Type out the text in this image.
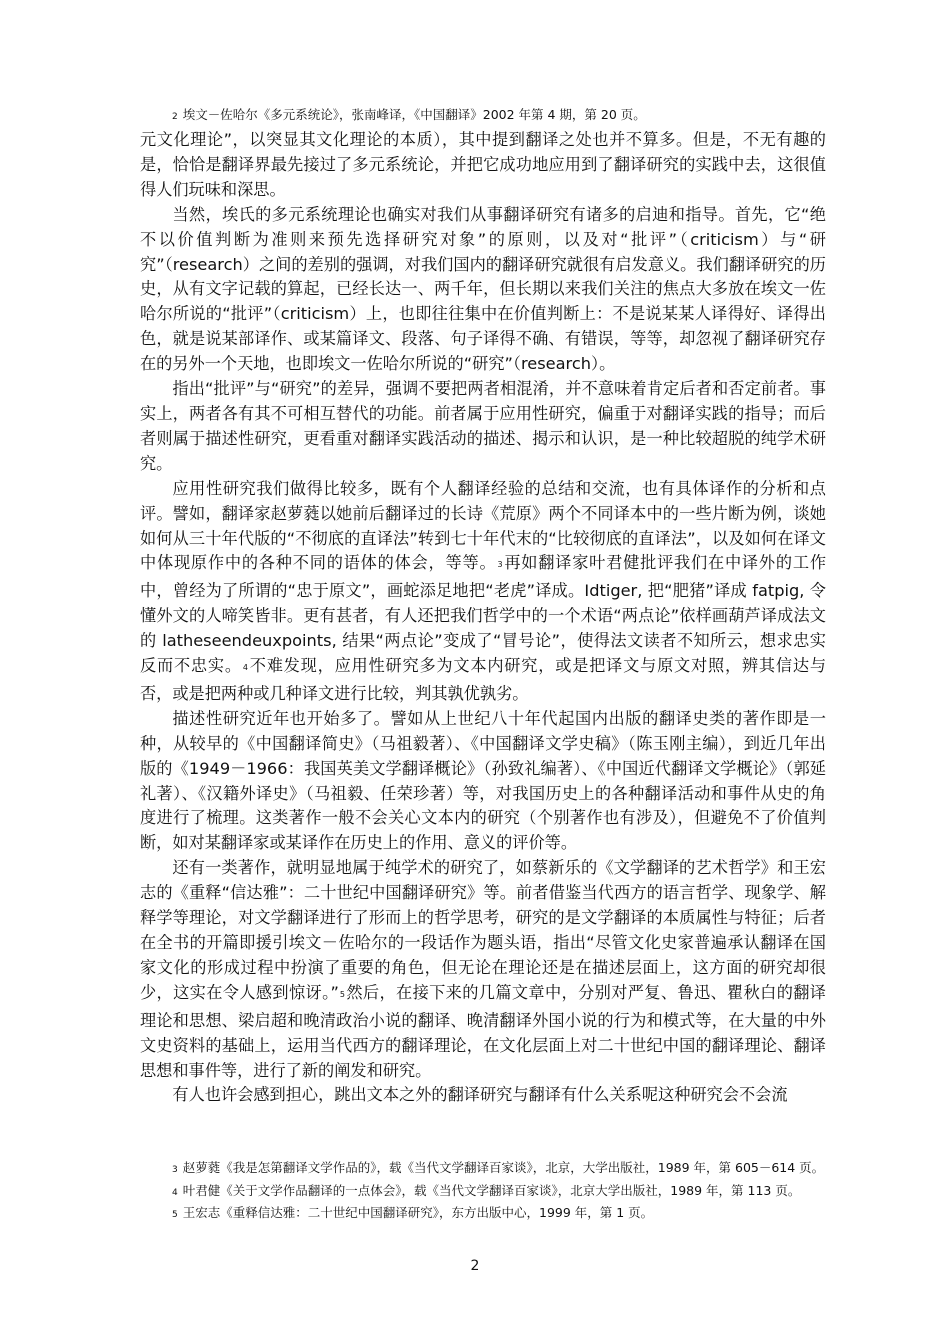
2 埃文－佐哈尔《多元系统论》，张南峰译，《中国翻译》2002 年第 4 期，第 20 页。

元文化理论”，以突显其文化理论的本质），其中提到翻译之处也并不算多。但是，不无有趣的是，恰恰是翻译界最先接过了多元系统论，并把它成功地应用到了翻译研究的实践中去，这很值得人们玩味和深思。

当然，埃氏的多元系统理论也确实对我们从事翻译研究有诸多的启迪和指导。首先，它“绝不以价值判断为准则来预先选择研究对象”的原则，以及对“批评”（criticism）与“研究”（research）之间的差别的强调，对我们国内的翻译研究就很有启发意义。我们翻译研究的历史，从有文字记载的算起，已经长达一、两千年，但长期以来我们关注的焦点大多放在埃文一佐哈尔所说的“批评”（criticism）上，也即往往集中在价值判断上：不是说某某人译得好、译得出色，就是说某部译作、或某篇译文、段落、句子译得不确、有错误，等等，却忽视了翻译研究存在的另外一个天地，也即埃文一佐哈尔所说的“研究”（research）。

指出“批评”与“研究”的差异，强调不要把两者相混淆，并不意味着肯定后者和否定前者。事实上，两者各有其不可相互替代的功能。前者属于应用性研究，偏重于对翻译实践的指导；而后者则属于描述性研究，更看重对翻译实践活动的描述、揭示和认识，是一种比较超脱的纯学术研究。

应用性研究我们做得比较多，既有个人翻译经验的总结和交流，也有具体译作的分析和点评。譬如，翻译家赵萝蕤以她前后翻译过的长诗《荒原》两个不同译本中的一些片断为例，谈她如何从三十年代版的“不彻底的直译法”转到七十年代末的“比较彻底的直译法”，以及如何在译文中体现原作中的各种不同的语体的体会，等等。3再如翻译家叶君健批评我们在中译外的工作中，曾经为了所谓的“忠于原文”，画蛇添足地把“老虎”译成。Idtiger, 把“肥猪”译成 fatpig, 令懂外文的人啼笑皆非。更有甚者，有人还把我们哲学中的一个术语“两点论”依样画葫芦译成法文的 latheseendeuxpoints, 结果“两点论”变成了“冒号论”，使得法文读者不知所云，想求忠实反而不忠实。4不难发现，应用性研究多为文本内研究，或是把译文与原文对照，辨其信达与否，或是把两种或几种译文进行比较，判其孰优孰劣。

描述性研究近年也开始多了。譬如从上世纪八十年代起国内出版的翻译史类的著作即是一种，从较早的《中国翻译简史》（马祖毅著）、《中国翻译文学史稿》（陈玉刚主编），到近几年出版的《1949－1966：我国英美文学翻译概论》（孙致礼编著）、《中国近代翻译文学概论》（郭延礼著）、《汉籍外译史》（马祖毅、任荣珍著）等，对我国历史上的各种翻译活动和事件从史的角度进行了梳理。这类著作一般不会关心文本内的研究（个别著作也有涉及），但避免不了价值判断，如对某翻译家或某译作在历史上的作用、意义的评价等。

还有一类著作，就明显地属于纯学术的研究了，如蔡新乐的《文学翻译的艺术哲学》和王宏志的《重释“信达雅”：二十世纪中国翻译研究》等。前者借鉴当代西方的语言哲学、现象学、解释学等理论，对文学翻译进行了形而上的哲学思考，研究的是文学翻译的本质属性与特征；后者在全书的开篇即援引埃文－佐哈尔的一段话作为题头语，指出“尽管文化史家普遍承认翻译在国家文化的形成过程中扮演了重要的角色，但无论在理论还是在描述层面上，这方面的研究却很少，这实在令人感到惊讶。”5然后，在接下来的几篇文章中，分别对严复、鲁迅、瞿秋白的翻译理论和思想、梁启超和晚清政治小说的翻译、晚清翻译外国小说的行为和模式等，在大量的中外文史资料的基础上，运用当代西方的翻译理论，在文化层面上对二十世纪中国的翻译理论、翻译思想和事件等，进行了新的阐发和研究。

有人也许会感到担心，跳出文本之外的翻译研究与翻译有什么关系呢这种研究会不会流

3 赵萝蕤《我是怎第翻译文学作品的》，载《当代文学翻译百家谈》，北京，大学出版社，1989 年，第 605－614 页。

4 叶君健《关于文学作品翻译的一点体会》，载《当代文学翻译百家谈》，北京大学出版社，1989 年，第 113 页。

5 王宏志《重释信达雅：二十世纪中国翻译研究》，东方出版中心，1999 年，第 1 页。

2
